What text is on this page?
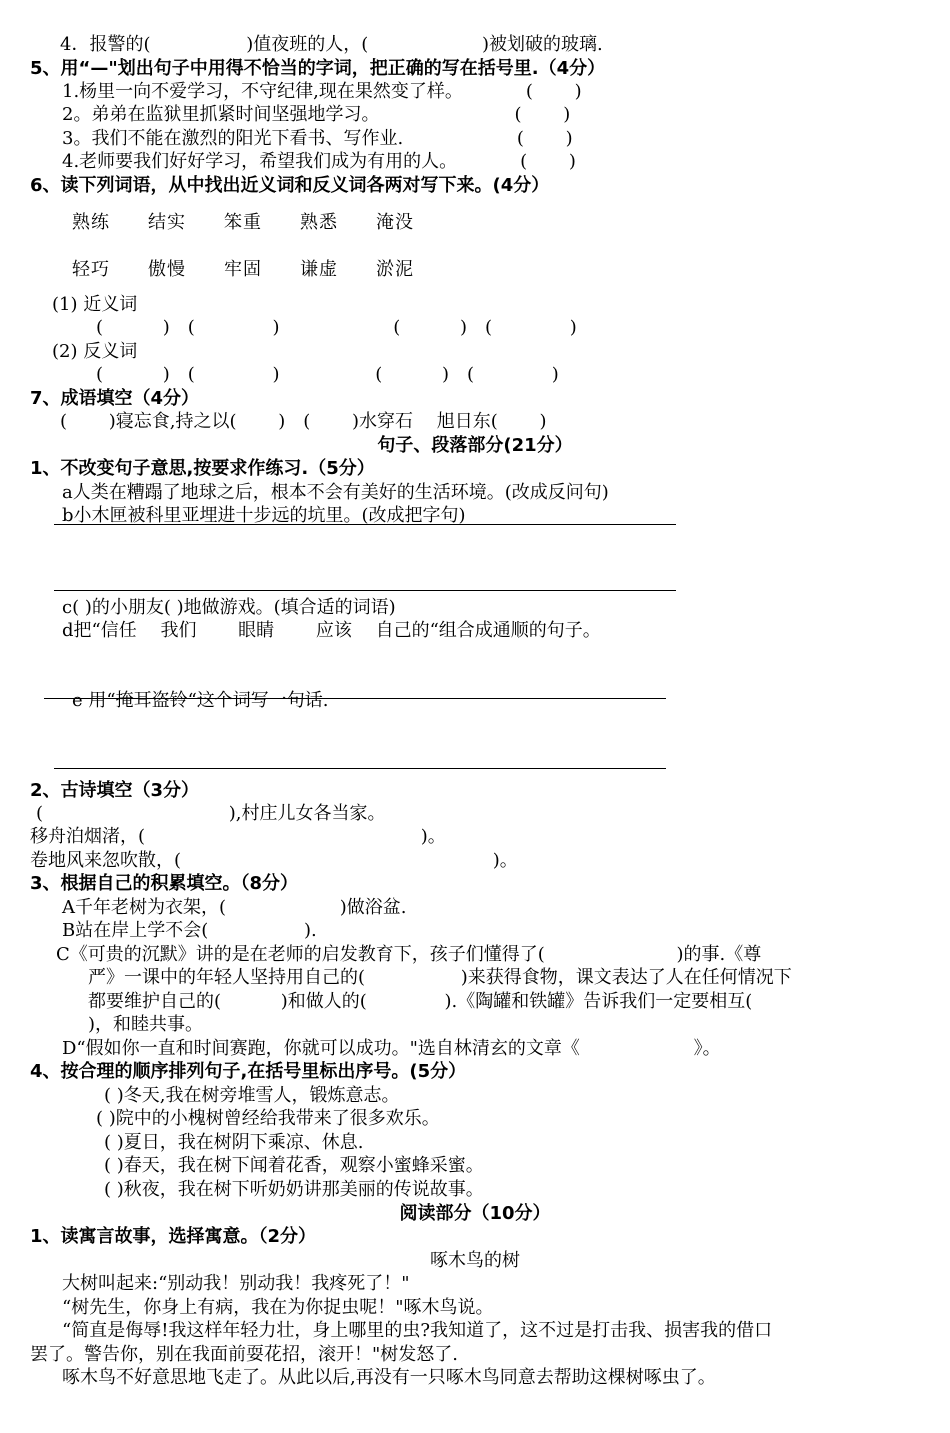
4．报警的(　　　　　 )值夜班的人，(　　　　　　 )被划破的玻璃.
5、用“—"划出句子中用得不恰当的字词，把正确的写在括号里.（4分）
1.杨里一向不爱学习，不守纪律,现在果然变了样。　　　　(　　 )
2。弟弟在监狱里抓紧时间坚强地学习。　　　　　　　　(　　 )
3。我们不能在激烈的阳光下看书、写作业.　　　　　　 (　　 )
4.老师要我们好好学习，希望我们成为有用的人。　　　　(　　 )
6、读下列词语，从中找出近义词和反义词各两对写下来。(4分）
熟练　　结实　　笨重　　熟悉　　淹没
轻巧　　傲慢　　牢固　　谦虚　　淤泥
(1) 近义词
(　　　 )　(　　　　 )　　　　　　 (　　　 )　(　　　　 )
(2) 反义词
(　　　 )　(　　　　 )　　　　　 (　　　 )　(　　　　 )
7、成语填空（4分）
(　　 )寝忘食,持之以(　　 )　(　　 )水穿石　 旭日东(　　 )
句子、段落部分(21分）
1、不改变句子意思,按要求作练习.（5分）
a人类在糟蹋了地球之后，根本不会有美好的生活环境。(改成反问句)
b小木匣被科里亚埋进十步远的坑里。(改成把字句)
c( )的小朋友( )地做游戏。(填合适的词语)
d把“信任　 我们　　 眼睛　　 应该　 自己的“组合成通顺的句子。
e 用“掩耳盗铃“这个词写一句话.
2、古诗填空（3分）
(　　　　　　　　　　 ),村庄儿女各当家。
移舟泊烟渚，(　　　　　　　　　　　　　　　 )。
卷地风来忽吹散，(　　　　　　　　　　　　　　　　　 )。
3、根据自己的积累填空。（8分）
A千年老树为衣架，(　　　　　　 )做浴盆.
B站在岸上学不会(　　　　　 ).
C《可贵的沉默》讲的是在老师的启发教育下，孩子们懂得了(　　　　　　　 )的事.《尊
严》一课中的年轻人坚持用自己的(　　　　　 )来获得食物，课文表达了人在任何情况下
都要维护自己的(　　　 )和做人的(　　　　 ).《陶罐和铁罐》告诉我们一定要相互(
)，和睦共事。
D“假如你一直和时间赛跑，你就可以成功。"选自林清玄的文章《　　　　　　 》。
4、按合理的顺序排列句子,在括号里标出序号。(5分）
( )冬天,我在树旁堆雪人，锻炼意志。
( )院中的小槐树曾经给我带来了很多欢乐。
( )夏日，我在树阴下乘凉、休息.
( )春天，我在树下闻着花香，观察小蜜蜂采蜜。
( )秋夜，我在树下听奶奶讲那美丽的传说故事。
阅读部分（10分）
1、读寓言故事，选择寓意。（2分）
啄木鸟的树
大树叫起来:“别动我！别动我！我疼死了！"
“树先生，你身上有病，我在为你捉虫呢！"啄木鸟说。
“简直是侮辱!我这样年轻力壮，身上哪里的虫?我知道了，这不过是打击我、损害我的借口
罢了。警告你，别在我面前耍花招，滚开！"树发怒了.
啄木鸟不好意思地飞走了。从此以后,再没有一只啄木鸟同意去帮助这棵树啄虫了。
